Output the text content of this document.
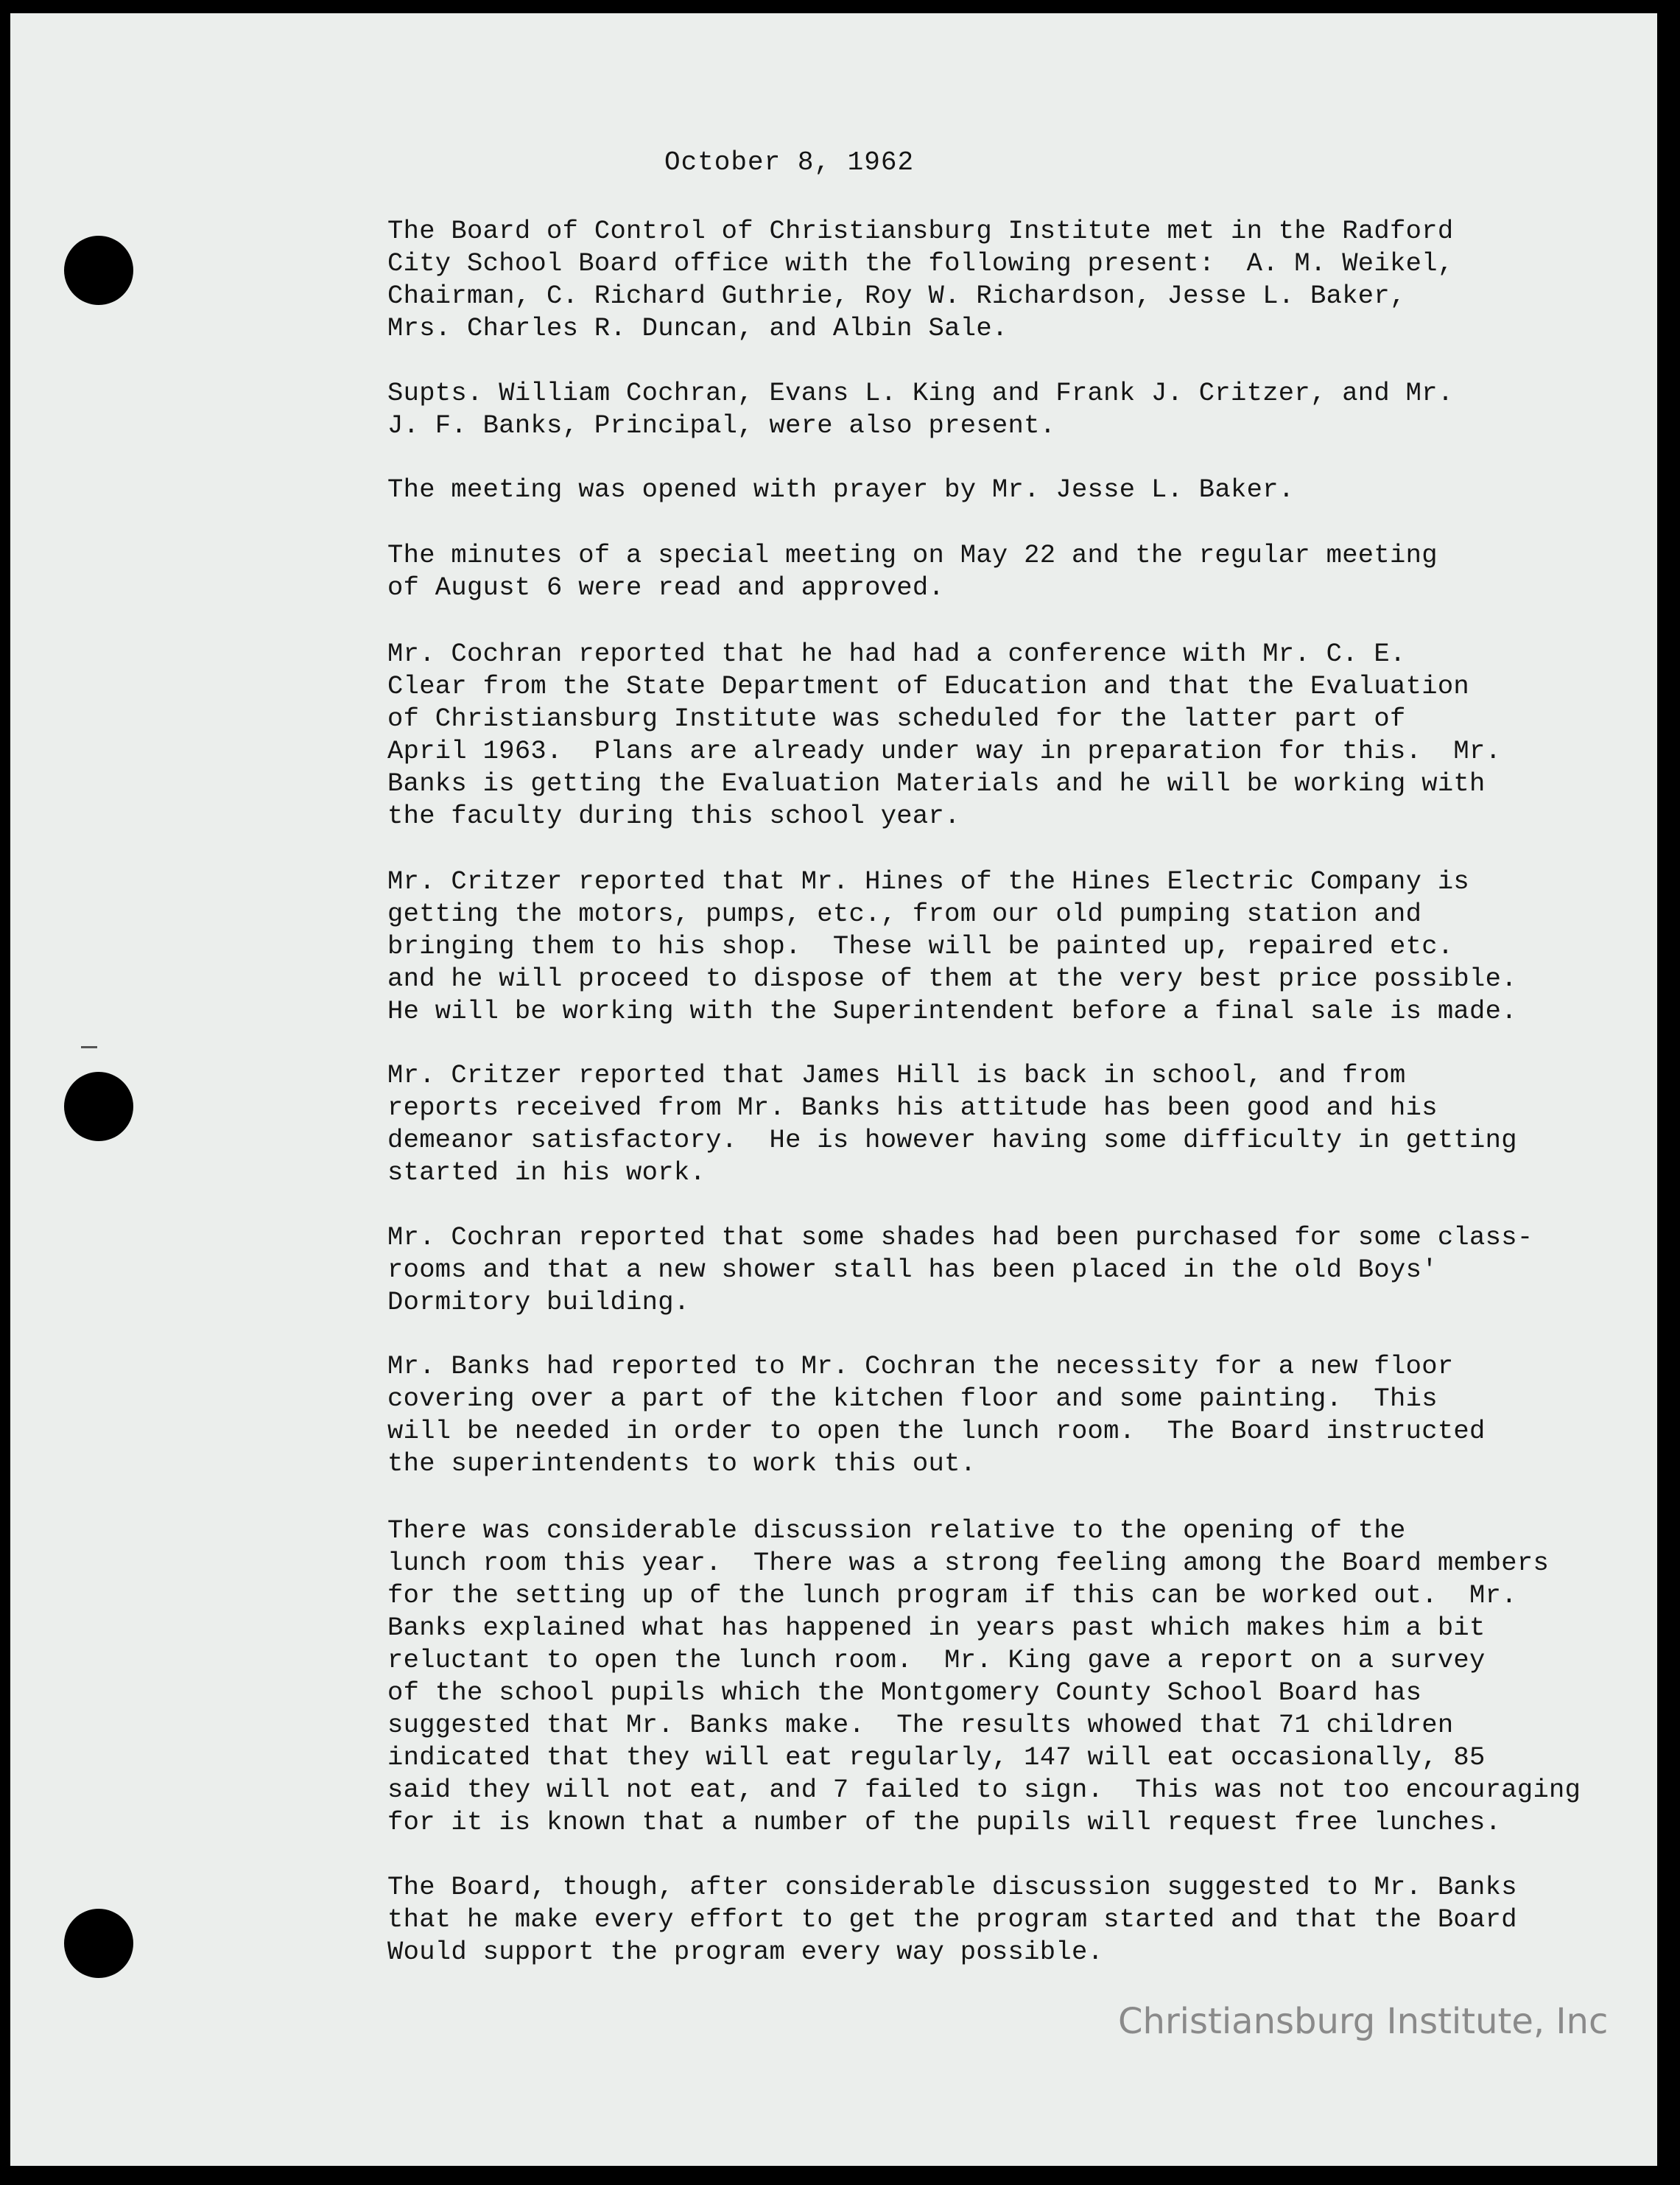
October 8, 1962

The Board of Control of Christiansburg Institute met in the Radford
City School Board office with the following present:  A. M. Weikel,
Chairman, C. Richard Guthrie, Roy W. Richardson, Jesse L. Baker,
Mrs. Charles R. Duncan, and Albin Sale.

Supts. William Cochran, Evans L. King and Frank J. Critzer, and Mr.
J. F. Banks, Principal, were also present.

The meeting was opened with prayer by Mr. Jesse L. Baker.

The minutes of a special meeting on May 22 and the regular meeting
of August 6 were read and approved.

Mr. Cochran reported that he had had a conference with Mr. C. E.
Clear from the State Department of Education and that the Evaluation
of Christiansburg Institute was scheduled for the latter part of
April 1963.  Plans are already under way in preparation for this.  Mr.
Banks is getting the Evaluation Materials and he will be working with
the faculty during this school year.

Mr. Critzer reported that Mr. Hines of the Hines Electric Company is
getting the motors, pumps, etc., from our old pumping station and
bringing them to his shop.  These will be painted up, repaired etc.
and he will proceed to dispose of them at the very best price possible.
He will be working with the Superintendent before a final sale is made.

Mr. Critzer reported that James Hill is back in school, and from
reports received from Mr. Banks his attitude has been good and his
demeanor satisfactory.  He is however having some difficulty in getting
started in his work.

Mr. Cochran reported that some shades had been purchased for some class-
rooms and that a new shower stall has been placed in the old Boys'
Dormitory building.

Mr. Banks had reported to Mr. Cochran the necessity for a new floor
covering over a part of the kitchen floor and some painting.  This
will be needed in order to open the lunch room.  The Board instructed
the superintendents to work this out.

There was considerable discussion relative to the opening of the
lunch room this year.  There was a strong feeling among the Board members
for the setting up of the lunch program if this can be worked out.  Mr.
Banks explained what has happened in years past which makes him a bit
reluctant to open the lunch room.  Mr. King gave a report on a survey
of the school pupils which the Montgomery County School Board has
suggested that Mr. Banks make.  The results whowed that 71 children
indicated that they will eat regularly, 147 will eat occasionally, 85
said they will not eat, and 7 failed to sign.  This was not too encouraging
for it is known that a number of the pupils will request free lunches.

The Board, though, after considerable discussion suggested to Mr. Banks
that he make every effort to get the program started and that the Board
Would support the program every way possible.

Christiansburg Institute, Inc
